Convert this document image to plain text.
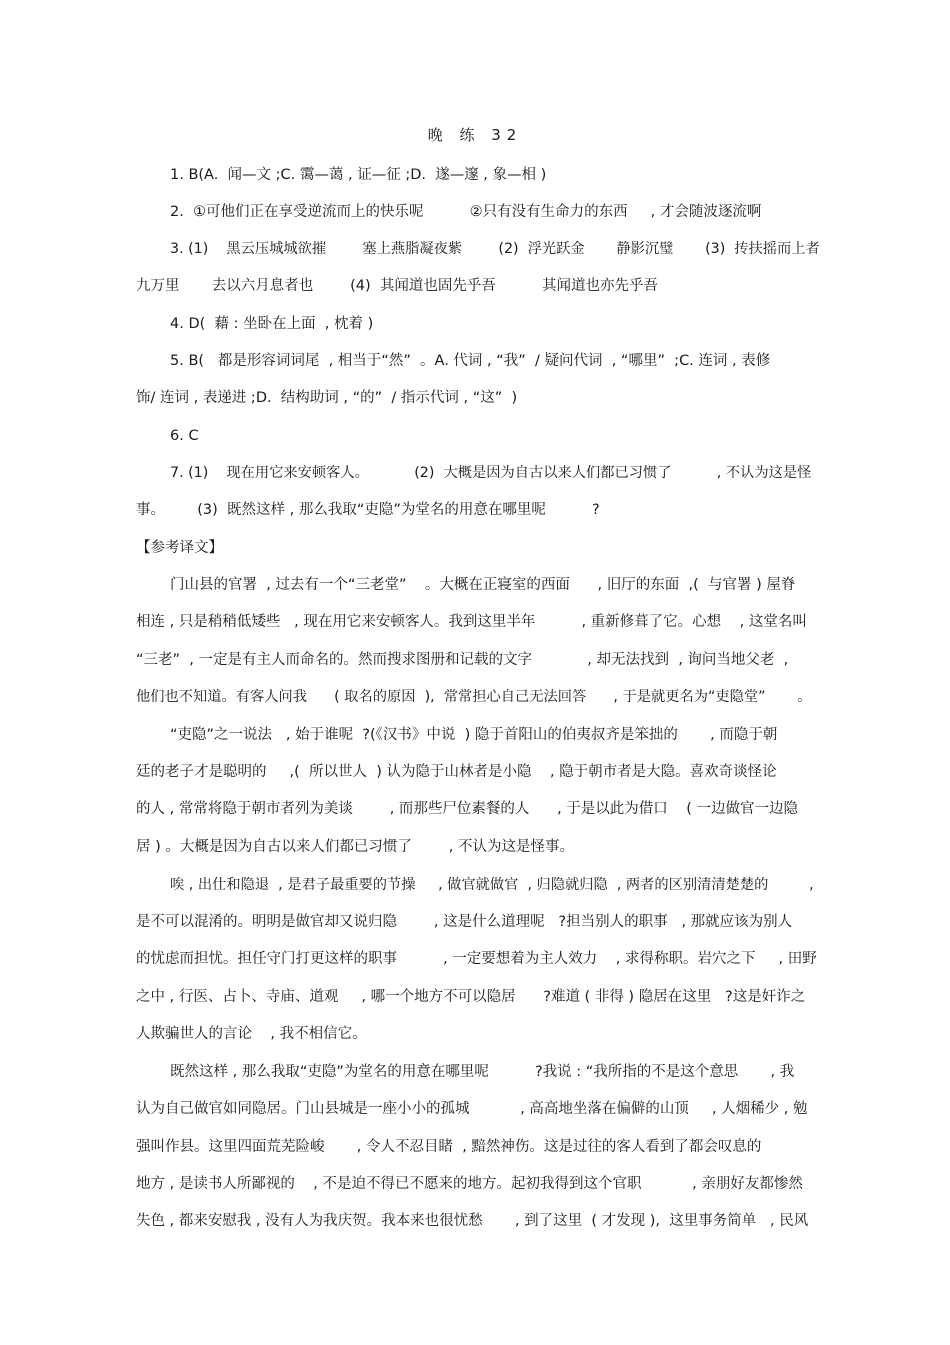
晚 练 32
1. B(A.  闻—文 ;C. 霭—蔼 , 证—征 ;D.  遂—邃 , 象—相 )
2.  ①可他们正在享受逆流而上的快乐呢          ②只有没有生命力的东西     , 才会随波逐流啊
3. (1)    黑云压城城欲摧        塞上燕脂凝夜紫        (2)  浮光跃金       静影沉璧       (3)  抟扶摇而上者
九万里       去以六月息者也        (4)  其闻道也固先乎吾          其闻道也亦先乎吾
4. D(  藉 : 坐卧在上面  , 枕着 )
5. B(   都是形容词词尾  , 相当于“然”  。A. 代词 , “我”  / 疑问代词  , “哪里”  ;C. 连词 , 表修
饰/ 连词 , 表递进 ;D.  结构助词 , “的”  / 指示代词 , “这”  )
6. C
7. (1)    现在用它来安顿客人。          (2)  大概是因为自古以来人们都已习惯了          , 不认为这是怪
事。       (3)  既然这样 , 那么我取“吏隐”为堂名的用意在哪里呢          ?
【参考译文】
门山县的官署  , 过去有一个“三老堂”    。大概在正寝室的西面      , 旧厅的东面  ,(  与官署 ) 屋脊
相连 , 只是稍稍低矮些   , 现在用它来安顿客人。我到这里半年          , 重新修葺了它。心想    , 这堂名叫
“三老”  , 一定是有主人而命名的。然而搜求图册和记载的文字            , 却无法找到  , 询问当地父老  ,
他们也不知道。有客人问我      ( 取名的原因  ),  常常担心自己无法回答      , 于是就更名为“吏隐堂”       。
“吏隐”之一说法   , 始于谁呢  ?(《汉书》中说  ) 隐于首阳山的伯夷叔齐是笨拙的       , 而隐于朝
廷的老子才是聪明的     ,(  所以世人  ) 认为隐于山林者是小隐    , 隐于朝市者是大隐。喜欢奇谈怪论
的人 , 常常将隐于朝市者列为美谈        , 而那些尸位素餐的人      , 于是以此为借口    ( 一边做官一边隐
居 ) 。大概是因为自古以来人们都已习惯了        , 不认为这是怪事。
唉 , 出仕和隐退  , 是君子最重要的节操     , 做官就做官  , 归隐就归隐  , 两者的区别清清楚楚的         ,
是不可以混淆的。明明是做官却又说归隐        , 这是什么道理呢   ?担当别人的职事   , 那就应该为别人
的忧虑而担忧。担任守门打更这样的职事          , 一定要想着为主人效力    , 求得称职。岩穴之下     , 田野
之中 , 行医、占卜、寺庙、道观     , 哪一个地方不可以隐居      ?难道 ( 非得 ) 隐居在这里   ?这是奸诈之
人欺骗世人的言论    , 我不相信它。
既然这样 , 那么我取“吏隐”为堂名的用意在哪里呢          ?我说 : “我所指的不是这个意思       , 我
认为自己做官如同隐居。门山县城是一座小小的孤城           , 高高地坐落在偏僻的山顶     , 人烟稀少 , 勉
强叫作县。这里四面荒芜险峻       , 令人不忍目睹  , 黯然神伤。这是过往的客人看到了都会叹息的
地方 , 是读书人所鄙视的    , 不是迫不得已不愿来的地方。起初我得到这个官职           , 亲朋好友都惨然
失色 , 都来安慰我 , 没有人为我庆贺。我本来也很忧愁       , 到了这里  ( 才发现 ),  这里事务简单   , 民风
